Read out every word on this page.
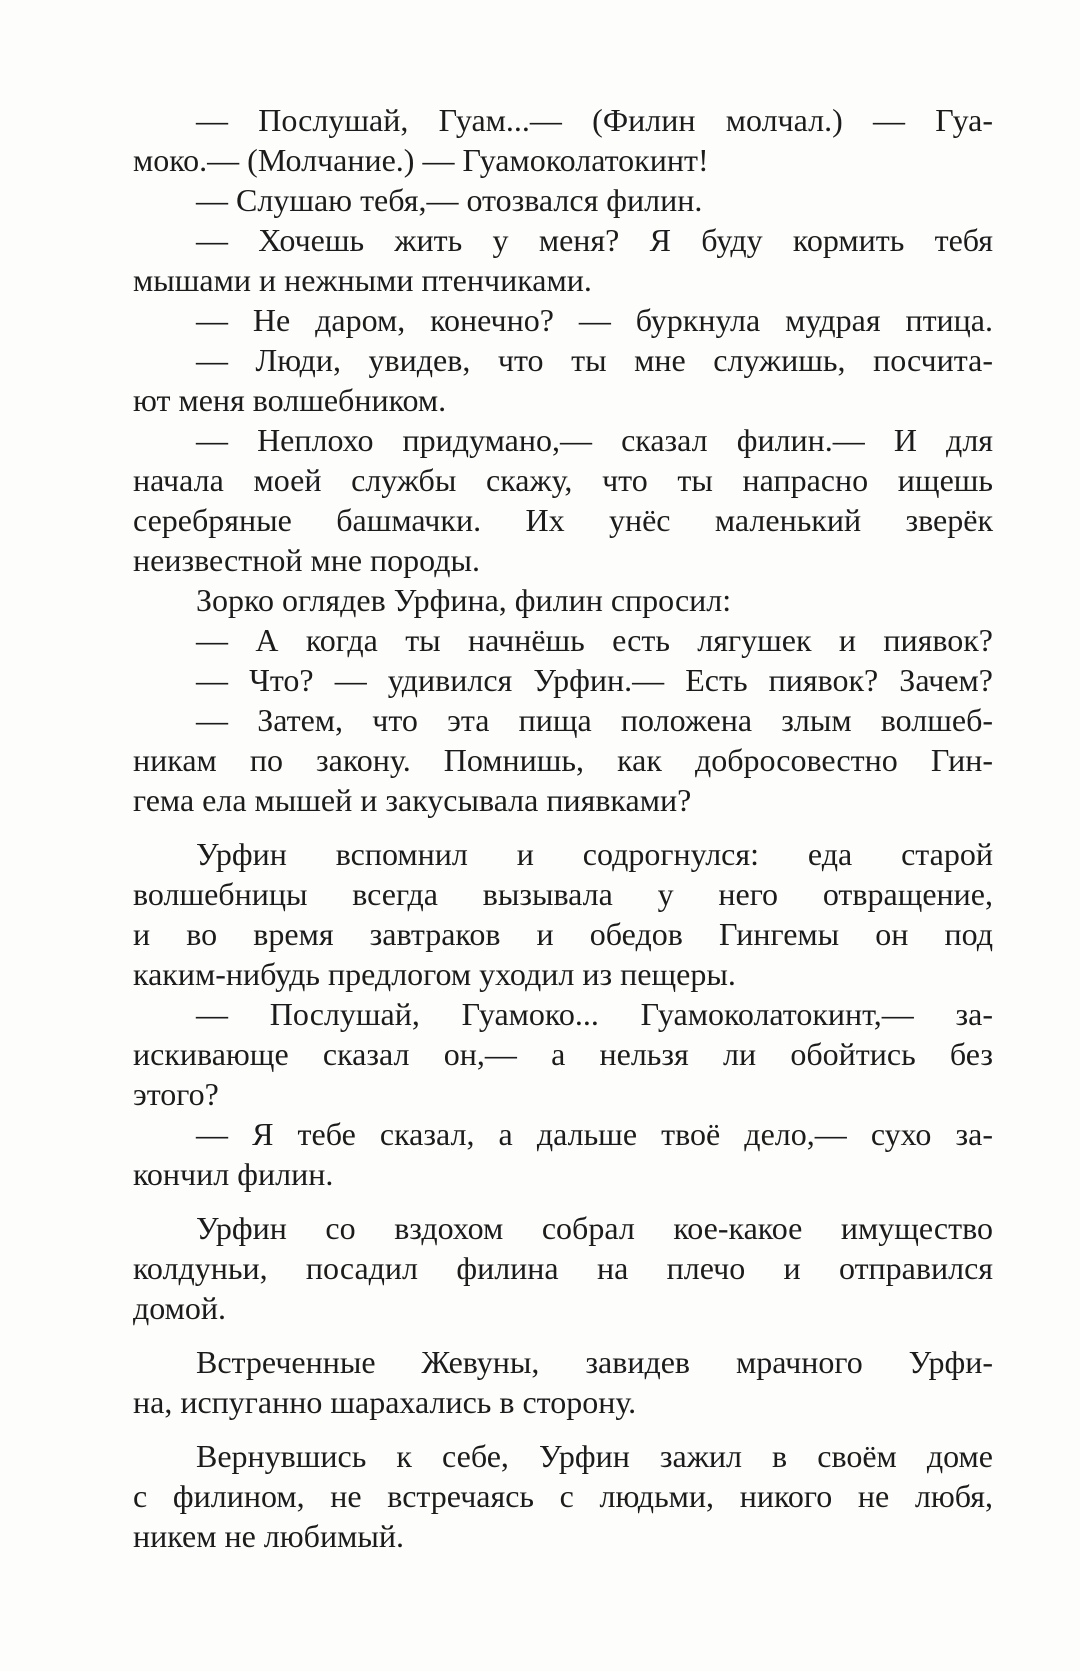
— Послушай, Гуам...— (Филин молчал.) — Гуа-
моко.— (Молчание.) — Гуамоколатокинт!
— Слушаю тебя,— отозвался филин.
— Хочешь жить у меня? Я буду кормить тебя
мышами и нежными птенчиками.
— Не даром, конечно? — буркнула мудрая птица.
— Люди, увидев, что ты мне служишь, посчита-
ют меня волшебником.
— Неплохо придумано,— сказал филин.— И для
начала моей службы скажу, что ты напрасно ищешь
серебряные башмачки. Их унёс маленький зверёк
неизвестной мне породы.
Зорко оглядев Урфина, филин спросил:
— А когда ты начнёшь есть лягушек и пиявок?
— Что? — удивился Урфин.— Есть пиявок? Зачем?
— Затем, что эта пища положена злым волшеб-
никам по закону. Помнишь, как добросовестно Гин-
гема ела мышей и закусывала пиявками?
Урфин вспомнил и содрогнулся: еда старой
волшебницы всегда вызывала у него отвращение,
и во время завтраков и обедов Гингемы он под
каким-нибудь предлогом уходил из пещеры.
— Послушай, Гуамоко... Гуамоколатокинт,— за-
искивающе сказал он,— а нельзя ли обойтись без
этого?
— Я тебе сказал, а дальше твоё дело,— сухо за-
кончил филин.
Урфин со вздохом собрал кое-какое имущество
колдуньи, посадил филина на плечо и отправился
домой.
Встреченные Жевуны, завидев мрачного Урфи-
на, испуганно шарахались в сторону.
Вернувшись к себе, Урфин зажил в своём доме
с филином, не встречаясь с людьми, никого не любя,
никем не любимый.
